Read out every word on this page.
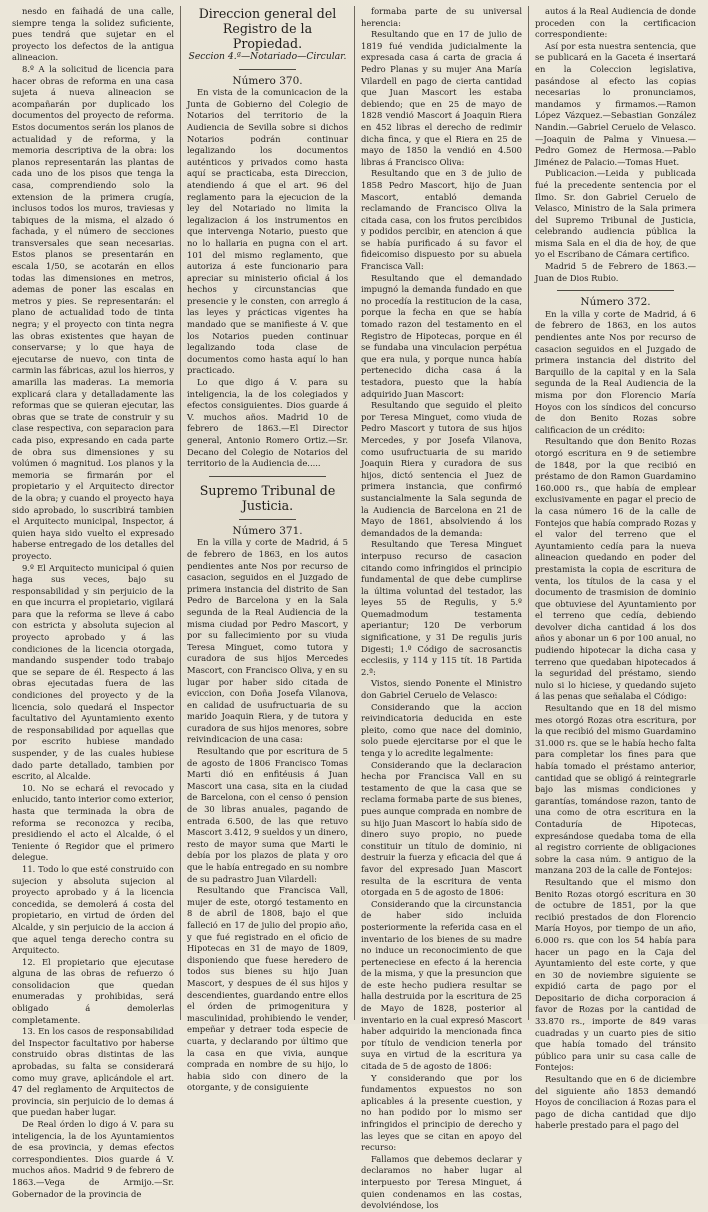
nesdo en faihadá de una calle, siempre tenga la solidez suficiente, pues tendrá que sujetar en el proyecto los defectos de la antigua alineacion.

8.º A la solicitud de licencia para hacer obras de reforma en una casa sujeta á nueva alineacion se acompañarán por duplicado los documentos del proyecto de reforma. Estos documentos serán los planos de actualidad y de reforma, y la memoria descriptiva de la obra: los planos representarán las plantas de cada uno de los pisos que tenga la casa, comprendiendo solo la extension de la primera crugía, inclusos todos los muros, traviesas y tabiques de la misma, el alzado ó fachada, y el número de secciones transversales que sean necesarias. Estos planos se presentarán en escala 1/50, se acotarán en ellos todas las dimensiones en metros, ademas de poner las escalas en metros y pies. Se representarán: el plano de actualidad todo de tinta negra; y el proyecto con tinta negra las obras existentes que hayan de conservarse; y lo que haya de ejecutarse de nuevo, con tinta de carmin las fábricas, azul los hierros, y amarilla las maderas. La memoria explicará clara y detalladamente las reformas que se quieran ejecutar, las obras que se trate de construir y su clase respectiva, con separacion para cada piso, expresando en cada parte de obra sus dimensiones y su volúmen ó magnitud. Los planos y la memoria se firmarán por el propietario y el Arquitecto director de la obra; y cuando el proyecto haya sido aprobado, lo suscribirá tambien el Arquitecto municipal, Inspector, á quien haya sido vuelto el expresado haberse entregado de los detalles del proyecto.

9.º El Arquitecto municipal ó quien haga sus veces, bajo su responsabilidad y sin perjuicio de la en que incurra el propietario, vigilará para que la reforma se lleve á cabo con estricta y absoluta sujecion al proyecto aprobado y á las condiciones de la licencia otorgada, mandando suspender todo trabajo que se separe de él. Respecto á las obras ejecutadas fuera de las condiciones del proyecto y de la licencia, solo quedará el Inspector facultativo del Ayuntamiento exento de responsabilidad por aquellas que por escrito hubiese mandado suspender, y de las cuales hubiese dado parte detallado, tambien por escrito, al Alcalde.

10. No se echará el revocado y enlucido, tanto interior como exterior, hasta que terminada la obra de reforma se reconozca y reciba, presidiendo el acto el Alcalde, ó el Teniente ó Regidor que el primero delegue.

11. Todo lo que esté construido con sujecion y absoluta sujecion al proyecto aprobado y á la licencia concedida, se demolerá á costa del propietario, en virtud de órden del Alcalde, y sin perjuicio de la accion á que aquel tenga derecho contra su Arquitecto.

12. El propietario que ejecutase alguna de las obras de refuerzo ó consolidacion que quedan enumeradas y prohibidas, será obligado á demolerlas completamente.

13. En los casos de responsabilidad del Inspector facultativo por haberse construido obras distintas de las aprobadas, su falta se considerará como muy grave, aplicándole el art. 47 del reglamento de Arquitectos de provincia, sin perjuicio de lo demas á que puedan haber lugar.

De Real órden lo digo á V. para su inteligencia, la de los Ayuntamientos de esa provincia, y demas efectos correspondientes. Dios guarde á V. muchos años. Madrid 9 de febrero de 1863.—Vega de Armijo.—Sr. Gobernador de la provincia de

Direccion general del Registro de la Propiedad.

Seccion 4.ª—Notariado—Circular.

Número 370.

En vista de la comunicacion de la Junta de Gobierno del Colegio de Notarios del territorio de la Audiencia de Sevilla sobre si dichos Notarios podrán continuar legalizando los documentos auténticos y privados como hasta aquí se practicaba, esta Direccion, atendiendo á que el art. 96 del reglamento para la ejecucion de la ley del Notariado no limita la legalizacion á los instrumentos en que intervenga Notario, puesto que no lo hallaria en pugna con el art. 101 del mismo reglamento, que autoriza á este funcionario para apreciar su ministerio oficial á los hechos y circunstancias que presencie y le consten, con arreglo á las leyes y prácticas vigentes ha mandado que se manifieste á V. que los Notarios pueden continuar legalizando toda clase de documentos como hasta aquí lo han practicado.

Lo que digo á V. para su inteligencia, la de los colegiados y efectos consiguientes. Dios guarde á V. muchos años. Madrid 10 de febrero de 1863.—El Director general, Antonio Romero Ortiz.—Sr. Decano del Colegio de Notarios del territorio de la Audiencia de.....

Supremo Tribunal de Justicia.

Número 371.

En la villa y corte de Madrid, á 5 de febrero de 1863, en los autos pendientes ante Nos por recurso de casacion, seguidos en el Juzgado de primera instancia del distrito de San Pedro de Barcelona y en la Sala segunda de la Real Audiencia de la misma ciudad por Pedro Mascort, y por su fallecimiento por su viuda Teresa Minguet, como tutora y curadora de sus hijos Mercedes Mascort, con Francisco Oliva, y en su lugar por haber sido citada de eviccion, con Doña Josefa Vilanova, en calidad de usufructuaria de su marido Joaquin Riera, y de tutora y curadora de sus hijos menores, sobre reivindicacion de una casa:

Resultando que por escritura de 5 de agosto de 1806 Francisco Tomas Marti dió en enfitéusis á Juan Mascort una casa, sita en la ciudad de Barcelona, con el censo ó pension de 30 libras anuales, pagando de entrada 6.500, de las que retuvo Mascort 3.412, 9 sueldos y un dinero, resto de mayor suma que Marti le debía por los plazos de plata y oro que le había entregado en su nombre de su padrastro Juan Vilardell:

Resultando que Francisca Vall, mujer de este, otorgó testamento en 8 de abril de 1808, bajo el que falleció en 17 de julio del propio año, y que fué registrado en el oficio de Hipotecas en 31 de mayo de 1809, disponiendo que fuese heredero de todos sus bienes su hijo Juan Mascort, y despues de él sus hijos y descendientes, guardando entre ellos el órden de primogenitura y masculinidad, prohibiendo le vender, empeñar y detraer toda especie de cuarta, y declarando por último que la casa en que vivia, aunque comprada en nombre de su hijo, lo habia sido con dinero de la otorgante, y de consiguiente

formaba parte de su universal herencia:

Resultando que en 17 de julio de 1819 fué vendida judicialmente la expresada casa á carta de gracia á Pedro Planas y su mujer Ana María Vilardell en pago de cierta cantidad que Juan Mascort les estaba debiendo; que en 25 de mayo de 1828 vendió Mascort á Joaquin Riera en 452 libras el derecho de redimir dicha finca, y que el Riera en 25 de mayo de 1850 la vendió en 4.500 libras á Francisco Oliva:

Resultando que en 3 de julio de 1858 Pedro Mascort, hijo de Juan Mascort, entabló demanda reclamando de Francisco Oliva la citada casa, con los frutos percibidos y podidos percibir, en atencion á que se había purificado á su favor el fideicomiso dispuesto por su abuela Francisca Vall:

Resultando que el demandado impugnó la demanda fundado en que no procedía la restitucion de la casa, porque la fecha en que se había tomado razon del testamento en el Registro de Hipotecas, porque en él se fundaba una vinculacion perpétua que era nula, y porque nunca había pertenecido dicha casa á la testadora, puesto que la había adquirido Juan Mascort:

Resultando que seguido el pleito por Teresa Minguet, como viuda de Pedro Mascort y tutora de sus hijos Mercedes, y por Josefa Vilanova, como usufructuaria de su marido Joaquin Riera y curadora de sus hijos, dictó sentencia el Juez de primera instancia, que confirmó sustancialmente la Sala segunda de la Audiencia de Barcelona en 21 de Mayo de 1861, absolviendo á los demandados de la demanda:

Resultando que Teresa Minguet interpuso recurso de casacion citando como infringidos el principio fundamental de que debe cumplirse la última voluntad del testador, las leyes 55 de Regulis, y 5.º Quemadmodum testamenta aperiantur; 120 De verborum significatione, y 31 De regulis juris Digesti; 1.º Código de sacrosanctis ecclesiis, y 114 y 115 tít. 18 Partida 2.ª:

Vistos, siendo Ponente el Ministro don Gabriel Ceruelo de Velasco:

Considerando que la accion reivindicatoria deducida en este pleito, como que nace del dominio, solo puede ejercitarse por el que le tenga y lo acredite legalmente:

Considerando que la declaracion hecha por Francisca Vall en su testamento de que la casa que se reclama formaba parte de sus bienes, pues aunque comprada en nombre de su hijo Juan Mascort lo había sido de dinero suyo propio, no puede constituir un título de dominio, ni destruir la fuerza y eficacia del que á favor del expresado Juan Mascort resulta de la escritura de venta otorgada en 5 de agosto de 1806:

Considerando que la circunstancia de haber sido incluida posteriormente la referida casa en el inventario de los bienes de su madre no induce un reconocimiento de que perteneciese en efecto á la herencia de la misma, y que la presuncion que de este hecho pudiera resultar se halla destruida por la escritura de 25 de Mayo de 1828, posterior al inventario en la cual expresó Mascort haber adquirido la mencionada finca por título de vendicion tenerla por suya en virtud de la escritura ya citada de 5 de agosto de 1806:

Y considerando que por los fundamentos expuestos no son aplicables á la presente cuestion, y no han podido por lo mismo ser infringidos el principio de derecho y las leyes que se citan en apoyo del recurso:

Fallamos que debemos declarar y declaramos no haber lugar al interpuesto por Teresa Minguet, á quien condenamos en las costas, devolviéndose, los

autos á la Real Audiencia de donde proceden con la certificacion correspondiente:

Así por esta nuestra sentencia, que se publicará en la Gaceta é insertará en la Coleccion legislativa, pasándose al efecto las copias necesarias lo pronunciamos, mandamos y firmamos.—Ramon López Vázquez.—Sebastian González Nandin.—Gabriel Ceruelo de Velasco.—Joaquin de Palma y Vinuesa.—Pedro Gomez de Hermosa.—Pablo Jiménez de Palacio.—Tomas Huet.

Publicacion.—Leida y publicada fué la precedente sentencia por el Ilmo. Sr. don Gabriel Ceruelo de Velasco, Ministro de la Sala primera del Supremo Tribunal de Justicia, celebrando audiencia pública la misma Sala en el dia de hoy, de que yo el Escribano de Cámara certifico.

Madrid 5 de Febrero de 1863.—Juan de Dios Rubio.

Número 372.

En la villa y corte de Madrid, á 6 de febrero de 1863, en los autos pendientes ante Nos por recurso de casacion seguidos en el Juzgado de primera instancia del distrito del Barquillo de la capital y en la Sala segunda de la Real Audiencia de la misma por don Florencio María Hoyos con los síndicos del concurso de don Benito Rozas sobre calificacion de un crédito:

Resultando que don Benito Rozas otorgó escritura en 9 de setiembre de 1848, por la que recibió en préstamo de don Ramon Guardamino 160.000 rs., que había de emplear exclusivamente en pagar el precio de la casa número 16 de la calle de Fontejos que había comprado Rozas y el valor del terreno que el Ayuntamiento cedía para la nueva alineacion quedando en poder del prestamista la copia de escritura de venta, los títulos de la casa y el documento de trasmision de dominio que obtuviese del Ayuntamiento por el terreno que cedía, debiendo devolver dicha cantidad á los dos años y abonar un 6 por 100 anual, no pudiendo hipotecar la dicha casa y terreno que quedaban hipotecados á la seguridad del préstamo, siendo nulo si lo hiciese, y quedando sujeto á las penas que señalaba el Código:

Resultando que en 18 del mismo mes otorgó Rozas otra escritura, por la que recibió del mismo Guardamino 31.000 rs. que se le había hecho falta para completar los fines para que había tomado el préstamo anterior, cantidad que se obligó á reintegrarle bajo las mismas condiciones y garantías, tomándose razon, tanto de una como de otra escritura en la Contaduría de Hipotecas, expresándose quedaba toma de ella al registro corriente de obligaciones sobre la casa núm. 9 antiguo de la manzana 203 de la calle de Fontejos:

Resultando que el mismo don Benito Rozas otorgó escritura en 30 de octubre de 1851, por la que recibió prestados de don Florencio María Hoyos, por tiempo de un año, 6.000 rs. que con los 54 había para hacer un pago en la Caja del Ayuntamiento del este corte, y que en 30 de noviembre siguiente se expidió carta de pago por el Depositario de dicha corporacion á favor de Rozas por la cantidad de 33.870 rs., importe de 849 varas cuadradas y un cuarto pies de sitio que había tomado del tránsito público para unir su casa calle de Fontejos:

Resultando que en 6 de diciembre del siguiente año 1853 demandó Hoyos de conciliacion á Rozas para el pago de dicha cantidad que dijo haberle prestado para el pago del
